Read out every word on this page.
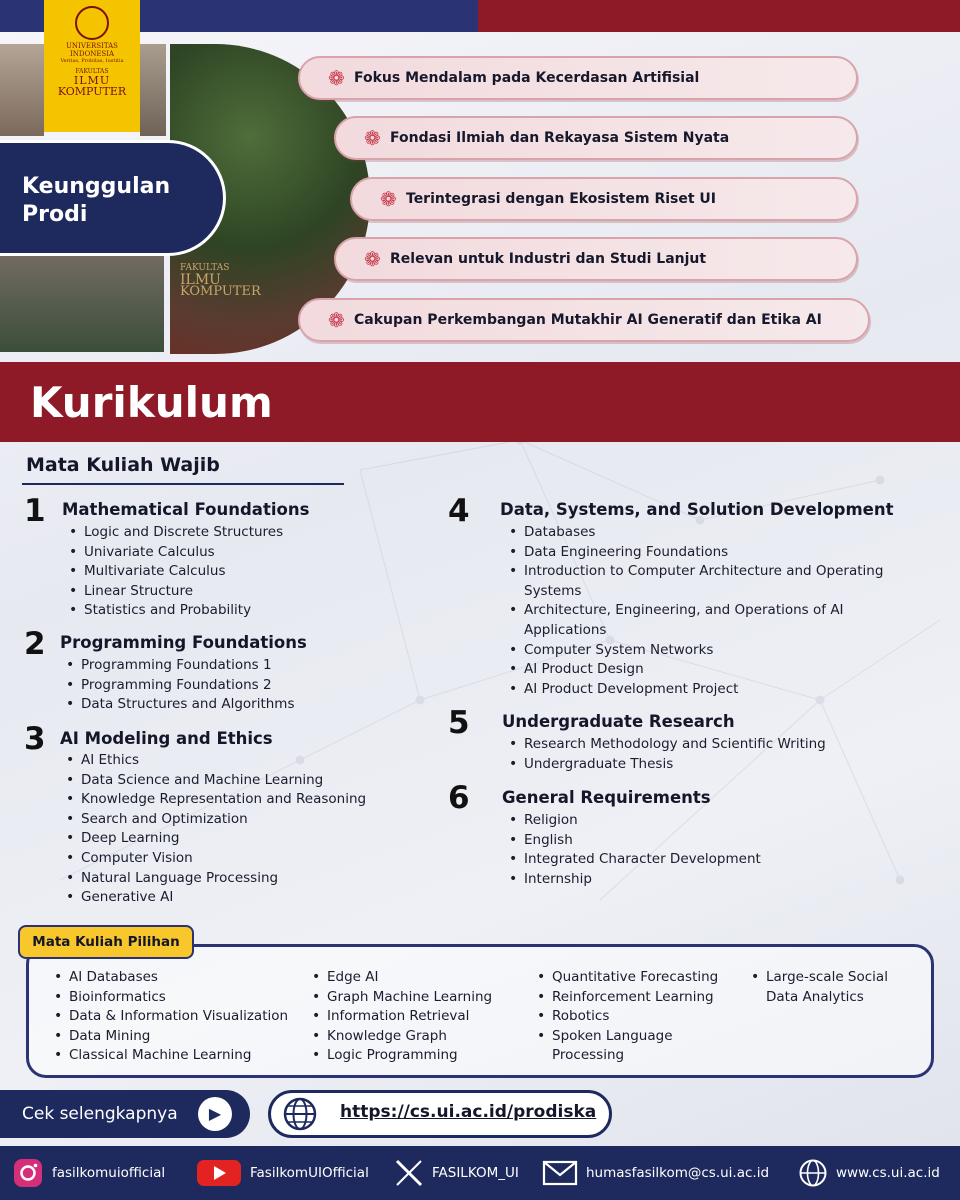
FAKULTAS
ILMU
KOMPUTER
UNIVERSITAS INDONESIA
Veritas, Probitas, Iustitia
FAKULTAS
ILMU
KOMPUTER
Keunggulan
Prodi
❁ Fokus Mendalam pada Kecerdasan Artifisial
❁ Fondasi Ilmiah dan Rekayasa Sistem Nyata
❁ Terintegrasi dengan Ekosistem Riset UI
❁ Relevan untuk Industri dan Studi Lanjut
❁ Cakupan Perkembangan Mutakhir AI Generatif dan Etika AI
Kurikulum
Mata Kuliah Wajib
1 Mathematical Foundations
• Logic and Discrete Structures
• Univariate Calculus
• Multivariate Calculus
• Linear Structure
• Statistics and Probability
2 Programming Foundations
• Programming Foundations 1
• Programming Foundations 2
• Data Structures and Algorithms
3 AI Modeling and Ethics
• AI Ethics
• Data Science and Machine Learning
• Knowledge Representation and Reasoning
• Search and Optimization
• Deep Learning
• Computer Vision
• Natural Language Processing
• Generative AI
4 Data, Systems, and Solution Development
• Databases
• Data Engineering Foundations
• Introduction to Computer Architecture and Operating Systems
• Architecture, Engineering, and Operations of AI Applications
• Computer System Networks
• AI Product Design
• AI Product Development Project
5 Undergraduate Research
• Research Methodology and Scientific Writing
• Undergraduate Thesis
6 General Requirements
• Religion
• English
• Integrated Character Development
• Internship
Mata Kuliah Pilihan
• AI Databases
• Bioinformatics
• Data & Information Visualization
• Data Mining
• Classical Machine Learning
• Edge AI
• Graph Machine Learning
• Information Retrieval
• Knowledge Graph
• Logic Programming
• Quantitative Forecasting
• Reinforcement Learning
• Robotics
• Spoken Language Processing
• Large-scale Social Data Analytics
Cek selengkapnya	▶	https://cs.ui.ac.id/prodiska
fasilkomuiofficial	FasilkomUIOfficial	FASILKOM_UI	humasfasilkom@cs.ui.ac.id	www.cs.ui.ac.id
